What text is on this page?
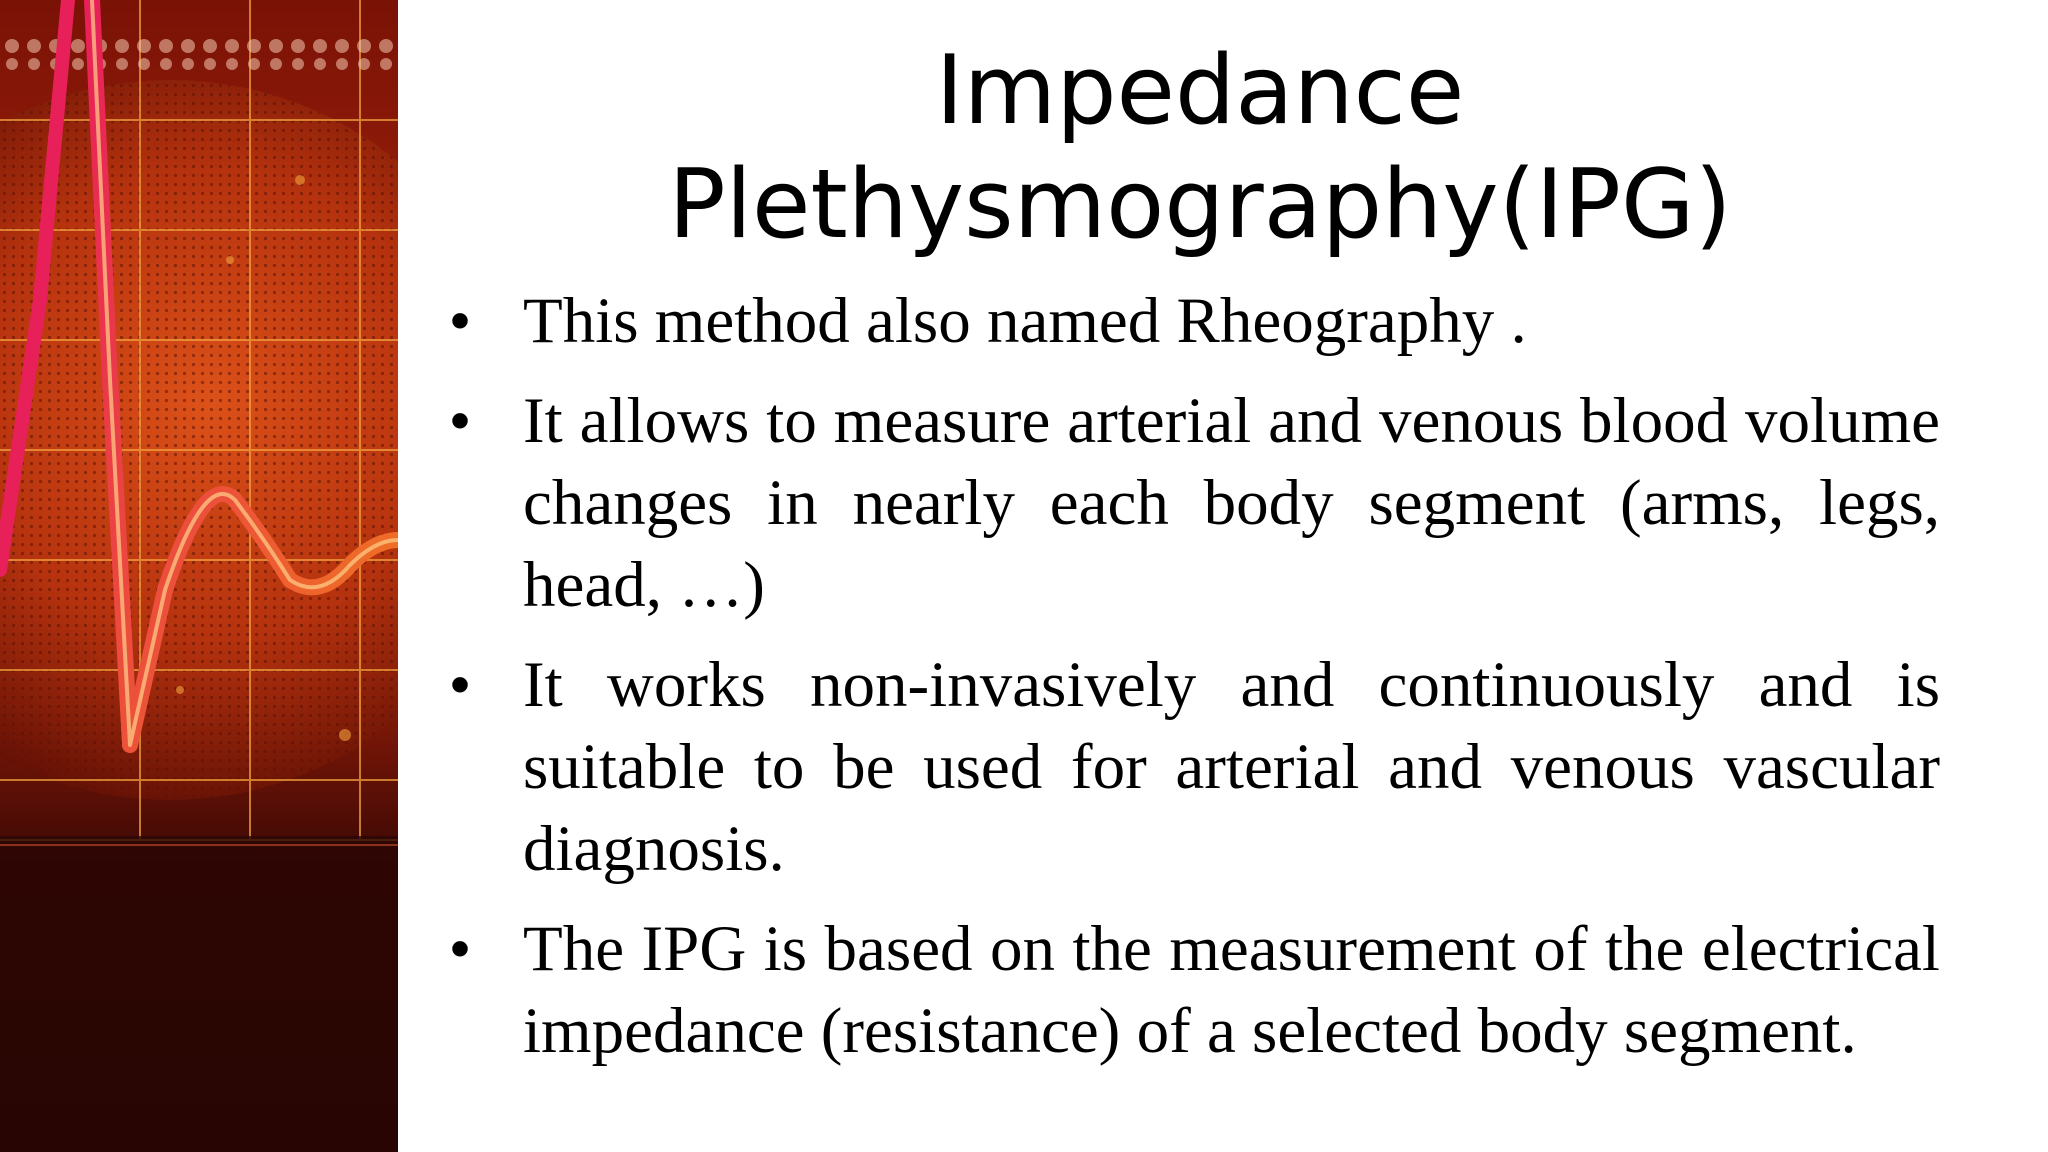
Impedance
Plethysmography(IPG)
• This method also named Rheography .
• It allows to measure arterial and venous blood volume changes in nearly each body segment (arms, legs, head, …)
• It works non-invasively and continuously and is suitable to be used for arterial and venous vascular diagnosis.
• The IPG is based on the measurement of the electrical impedance (resistance) of a selected body segment.
